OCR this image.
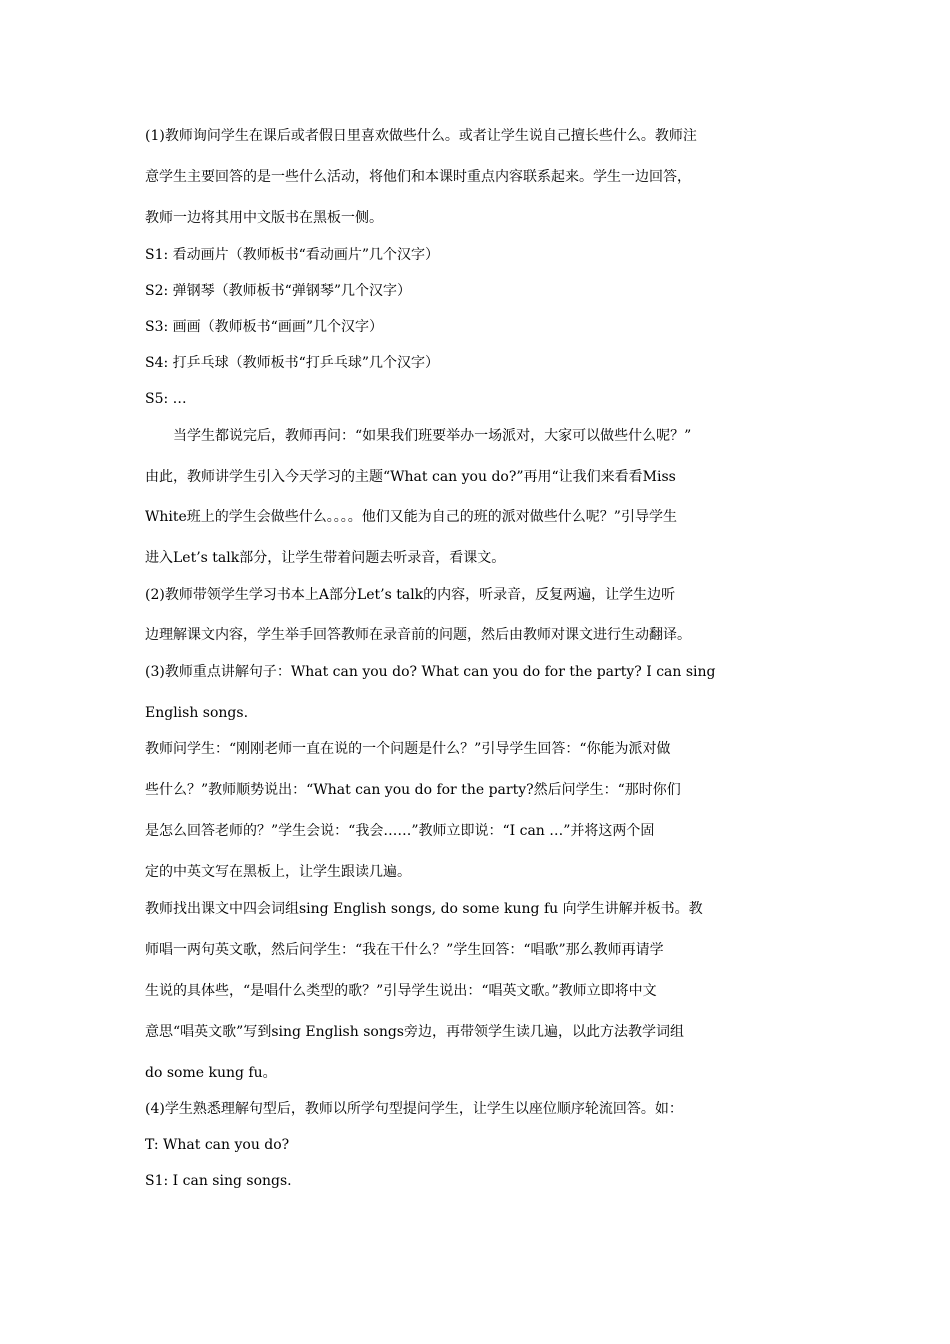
(1)教师询问学生在课后或者假日里喜欢做些什么。或者让学生说自己擅长些什么。教师注

意学生主要回答的是一些什么活动，将他们和本课时重点内容联系起来。学生一边回答，

教师一边将其用中文版书在黑板一侧。

S1: 看动画片（教师板书“看动画片”几个汉字）

S2: 弹钢琴（教师板书“弹钢琴”几个汉字）

S3: 画画（教师板书“画画”几个汉字）

S4: 打乒乓球（教师板书“打乒乓球”几个汉字）

S5: …

当学生都说完后，教师再问：“如果我们班要举办一场派对，大家可以做些什么呢？”

由此，教师讲学生引入今天学习的主题“What can you do?”再用“让我们来看看Miss

White班上的学生会做些什么。。。。他们又能为自己的班的派对做些什么呢？”引导学生

进入Let’s talk部分，让学生带着问题去听录音，看课文。

(2)教师带领学生学习书本上A部分Let’s talk的内容，听录音，反复两遍，让学生边听

边理解课文内容，学生举手回答教师在录音前的问题，然后由教师对课文进行生动翻译。

(3)教师重点讲解句子：What can you do? What can you do for the party? I can sing

English songs.

教师问学生：“刚刚老师一直在说的一个问题是什么？”引导学生回答：“你能为派对做

些什么？”教师顺势说出：“What can you do for the party?然后问学生：“那时你们

是怎么回答老师的？”学生会说：“我会……”教师立即说：“I can …”并将这两个固

定的中英文写在黑板上，让学生跟读几遍。

教师找出课文中四会词组sing English songs, do some kung fu 向学生讲解并板书。教

师唱一两句英文歌，然后问学生：“我在干什么？”学生回答：“唱歌”那么教师再请学

生说的具体些，“是唱什么类型的歌？”引导学生说出：“唱英文歌。”教师立即将中文

意思“唱英文歌”写到sing English songs旁边，再带领学生读几遍，以此方法教学词组

do some kung fu。

(4)学生熟悉理解句型后，教师以所学句型提问学生，让学生以座位顺序轮流回答。如：

T: What can you do?

S1: I can sing songs.
